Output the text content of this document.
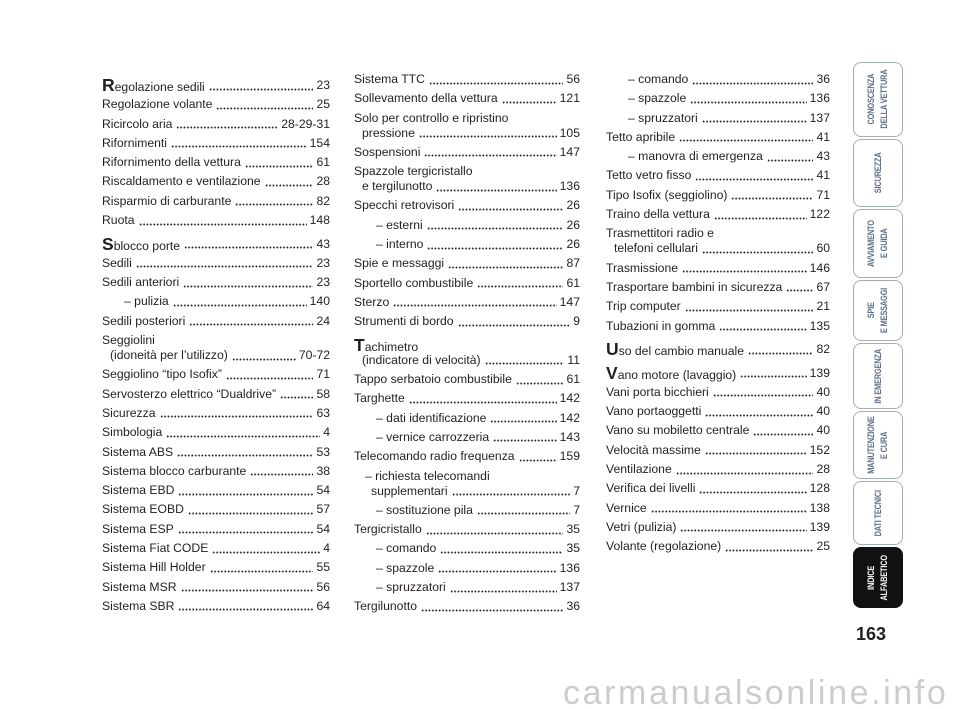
Regolazione sedili	23
Regolazione volante	25
Ricircolo aria	28-29-31
Rifornimenti	154
Rifornimento della vettura	61
Riscaldamento e ventilazione	28
Risparmio di carburante	82
Ruota	148
Sblocco porte	43
Sedili	23
Sedili anteriori	23
– pulizia	140
Sedili posteriori	24
Seggiolini
(idoneità per l’utilizzo)	70-72
Seggiolino “tipo Isofix”	71
Servosterzo elettrico “Dualdrive”	58
Sicurezza	63
Simbologia	4
Sistema ABS	53
Sistema blocco carburante	38
Sistema EBD	54
Sistema EOBD	57
Sistema ESP	54
Sistema Fiat CODE	4
Sistema Hill Holder	55
Sistema MSR	56
Sistema SBR	64
Sistema TTC	56
Sollevamento della vettura	121
Solo per controllo e ripristino
pressione	105
Sospensioni	147
Spazzole tergicristallo
e tergilunotto	136
Specchi retrovisori	26
– esterni	26
– interno	26
Spie e messaggi	87
Sportello combustibile	61
Sterzo	147
Strumenti di bordo	9
Tachimetro
(indicatore di velocità)	11
Tappo serbatoio combustibile	61
Targhette	142
– dati identificazione	142
– vernice carrozzeria	143
Telecomando radio frequenza	159
– richiesta telecomandi
supplementari	7
– sostituzione pila	7
Tergicristallo	35
– comando	35
– spazzole	136
– spruzzatori	137
Tergilunotto	36
– comando	36
– spazzole	136
– spruzzatori	137
Tetto apribile	41
– manovra di emergenza	43
Tetto vetro fisso	41
Tipo Isofix (seggiolino)	71
Traino della vettura	122
Trasmettitori radio e
telefoni cellulari	60
Trasmissione	146
Trasportare bambini in sicurezza	67
Trip computer	21
Tubazioni in gomma	135
Uso del cambio manuale	82
Vano motore (lavaggio)	139
Vani porta bicchieri	40
Vano portaoggetti	40
Vano su mobiletto centrale	40
Velocità massime	152
Ventilazione	28
Verifica dei livelli	128
Vernice	138
Vetri (pulizia)	139
Volante (regolazione)	25
CONOSCENZA DELLA VETTURA
SICUREZZA
AVVIAMENTO E GUIDA
SPIE E MESSAGGI
IN EMERGENZA
MANUTENZIONE E CURA
DATI TECNICI
INDICE ALFABETICO
163
carmanualsonline.info
